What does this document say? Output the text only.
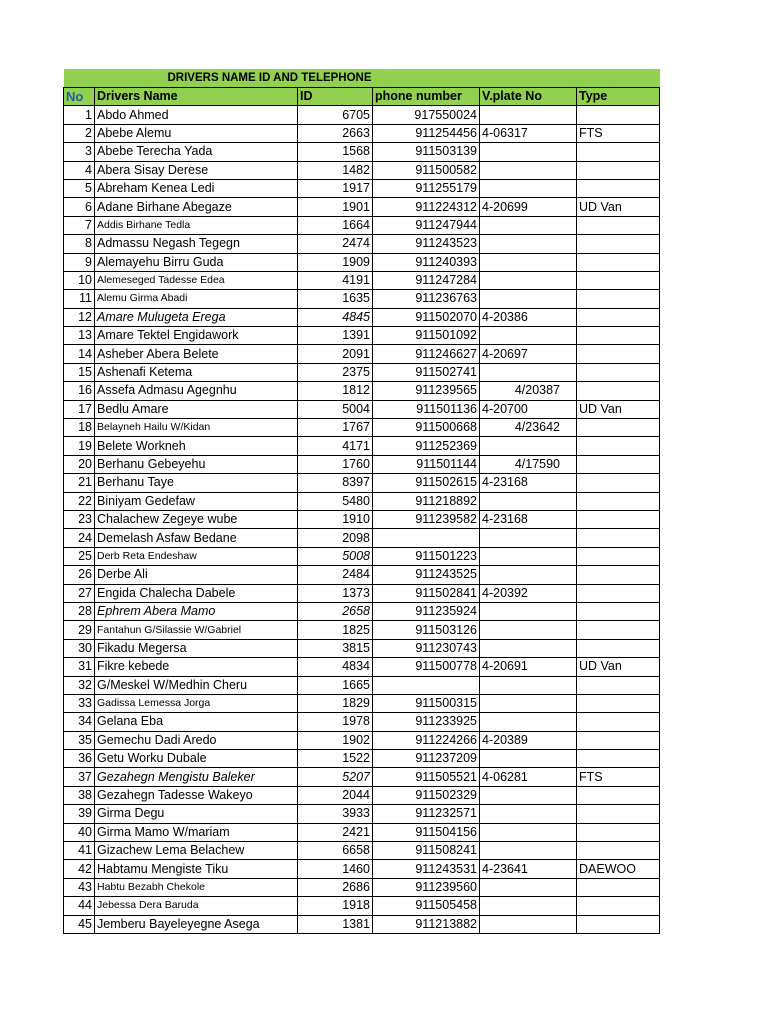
DRIVERS NAME ID AND TELEPHONE					
No	Drivers Name	ID	phone number	V.plate No	Type
1	Abdo Ahmed	6705	917550024		
2	Abebe Alemu	2663	911254456	4-06317	FTS
3	Abebe Terecha Yada	1568	911503139		
4	Abera Sisay Derese	1482	911500582		
5	Abreham Kenea Ledi	1917	911255179		
6	Adane Birhane Abegaze	1901	911224312	4-20699	UD Van
7	Addis Birhane Tedla	1664	911247944		
8	Admassu Negash Tegegn	2474	911243523		
9	Alemayehu Birru Guda	1909	911240393		
10	Alemeseged Tadesse Edea	4191	911247284		
11	Alemu Girma Abadi	1635	911236763		
12	Amare Mulugeta Erega	4845	911502070	4-20386	
13	Amare Tektel Engidawork	1391	911501092		
14	Asheber Abera Belete	2091	911246627	4-20697	
15	Ashenafi Ketema	2375	911502741		
16	Assefa Admasu Agegnhu	1812	911239565	4/20387	
17	Bedlu Amare	5004	911501136	4-20700	UD Van
18	Belayneh Hailu W/Kidan	1767	911500668	4/23642	
19	Belete Workneh	4171	911252369		
20	Berhanu Gebeyehu	1760	911501144	4/17590	
21	Berhanu Taye	8397	911502615	4-23168	
22	Biniyam Gedefaw	5480	911218892		
23	Chalachew Zegeye wube	1910	911239582	4-23168	
24	Demelash Asfaw Bedane	2098			
25	Derb Reta Endeshaw	5008	911501223		
26	Derbe Ali	2484	911243525		
27	Engida Chalecha Dabele	1373	911502841	4-20392	
28	Ephrem Abera Mamo	2658	911235924		
29	Fantahun G/Silassie W/Gabriel	1825	911503126		
30	Fikadu Megersa	3815	911230743		
31	Fikre kebede	4834	911500778	4-20691	UD Van
32	G/Meskel W/Medhin Cheru	1665			
33	Gadissa Lemessa Jorga	1829	911500315		
34	Gelana Eba	1978	911233925		
35	Gemechu Dadi Aredo	1902	911224266	4-20389	
36	Getu Worku Dubale	1522	911237209		
37	Gezahegn Mengistu Baleker	5207	911505521	4-06281	FTS
38	Gezahegn Tadesse Wakeyo	2044	911502329		
39	Girma Degu	3933	911232571		
40	Girma Mamo W/mariam	2421	911504156		
41	Gizachew Lema Belachew	6658	911508241		
42	Habtamu Mengiste Tiku	1460	911243531	4-23641	DAEWOO
43	Habtu Bezabh Chekole	2686	911239560		
44	Jebessa Dera Baruda	1918	911505458		
45	Jemberu Bayeleyegne Asega	1381	911213882		
